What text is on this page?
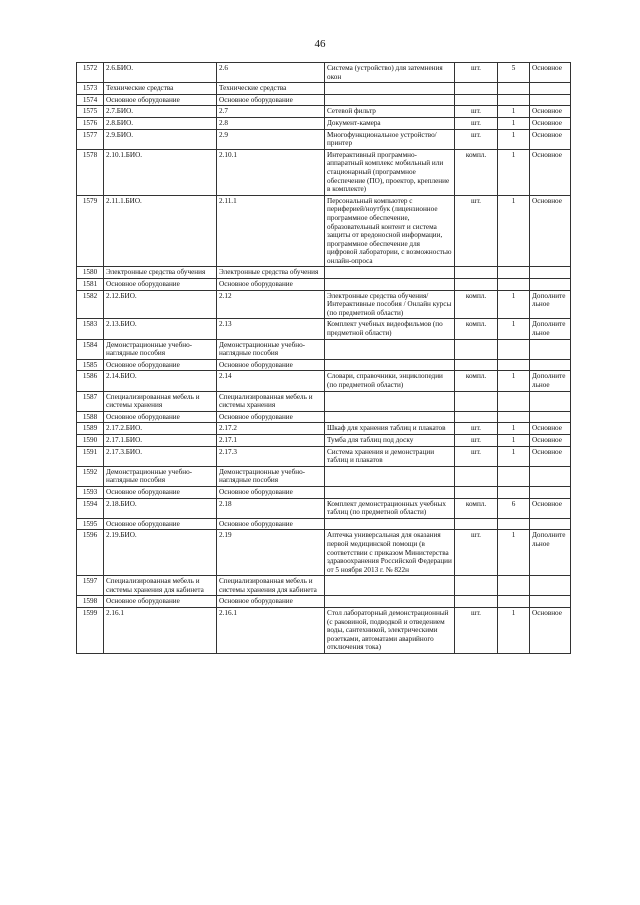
46
1572	2.6.БИО.	2.6	Система (устройство) для затемнения окон	шт.	5	Основное
1573	Технические средства	Технические средства				
1574	Основное оборудование	Основное оборудование				
1575	2.7.БИО.	2.7	Сетевой фильтр	шт.	1	Основное
1576	2.8.БИО.	2.8	Документ-камера	шт.	1	Основное
1577	2.9.БИО.	2.9	Многофункциональное устройство/принтер	шт.	1	Основное
1578	2.10.1.БИО.	2.10.1	Интерактивный программно-аппаратный комплекс мобильный или стационарный (программное обеспечение (ПО), проектор, крепление в комплекте)	компл.	1	Основное
1579	2.11.1.БИО.	2.11.1	Персональный компьютер с периферией/ноутбук (лицензионное программное обеспечение, образовательный контент и система защиты от вредоносной информации, программное обеспечение для цифровой лаборатории, с возможностью онлайн-опроса	шт.	1	Основное
1580	Электронные средства обучения	Электронные средства обучения				
1581	Основное оборудование	Основное оборудование				
1582	2.12.БИО.	2.12	Электронные средства обучения/Интерактивные пособия / Онлайн курсы (по предметной области)	компл.	1	Дополнительное
1583	2.13.БИО.	2.13	Комплект учебных видеофильмов (по предметной области)	компл.	1	Дополнительное
1584	Демонстрационные учебно-наглядные пособия	Демонстрационные учебно-наглядные пособия				
1585	Основное оборудование	Основное оборудование				
1586	2.14.БИО.	2.14	Словари, справочники, энциклопедии (по предметной области)	компл.	1	Дополнительное
1587	Специализированная мебель и системы хранения	Специализированная мебель и системы хранения				
1588	Основное оборудование	Основное оборудование				
1589	2.17.2.БИО.	2.17.2	Шкаф для хранения таблиц и плакатов	шт.	1	Основное
1590	2.17.1.БИО.	2.17.1	Тумба для таблиц под доску	шт.	1	Основное
1591	2.17.3.БИО.	2.17.3	Система хранения и демонстрации таблиц и плакатов	шт.	1	Основное
1592	Демонстрационные учебно-наглядные пособия	Демонстрационные учебно-наглядные пособия				
1593	Основное оборудование	Основное оборудование				
1594	2.18.БИО.	2.18	Комплект демонстрационных учебных таблиц (по предметной области)	компл.	6	Основное
1595	Основное оборудование	Основное оборудование				
1596	2.19.БИО.	2.19	Аптечка универсальная для оказания первой медицинской помощи (в соответствии с приказом Министерства здравоохранения Российской Федерации от 5 ноября 2013 г. № 822н	шт.	1	Дополнительное
1597	Специализированная мебель и системы хранения для кабинета	Специализированная мебель и системы хранения для кабинета				
1598	Основное оборудование	Основное оборудование				
1599	2.16.1	2.16.1	Стол лабораторный демонстрационный (с раковиной, подводкой и отведением воды, сантехникой, электрическими розетками, автоматами аварийного отключения тока)	шт.	1	Основное
